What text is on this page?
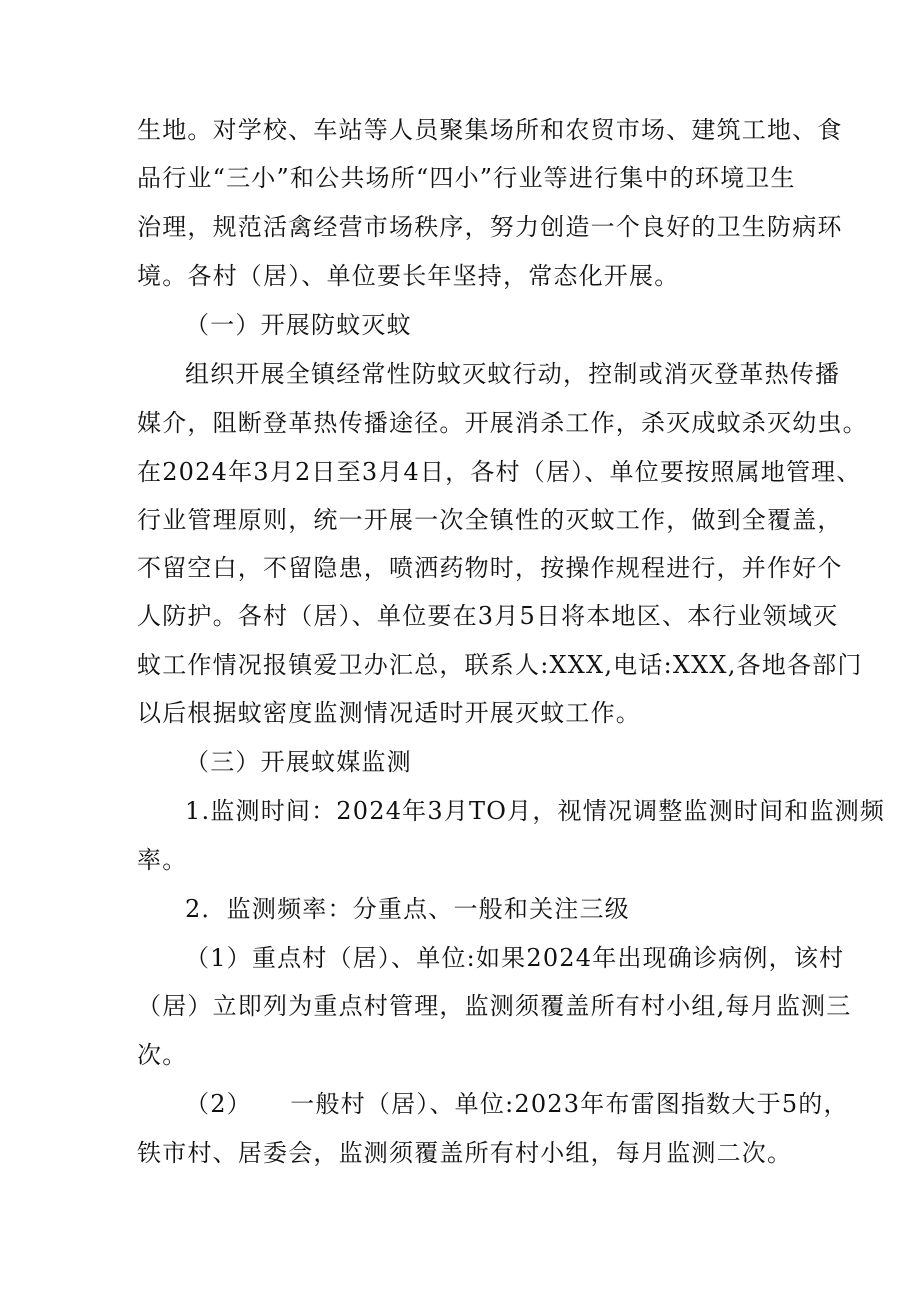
生地。对学校、车站等人员聚集场所和农贸市场、建筑工地、食
品行业“三小”和公共场所“四小”行业等进行集中的环境卫生
治理，规范活禽经营市场秩序，努力创造一个良好的卫生防病环
境。各村（居）、单位要长年坚持，常态化开展。
（一）开展防蚊灭蚊
组织开展全镇经常性防蚊灭蚊行动，控制或消灭登革热传播
媒介，阻断登革热传播途径。开展消杀工作，杀灭成蚊杀灭幼虫。
在2024年3月2日至3月4日，各村（居）、单位要按照属地管理、
行业管理原则，统一开展一次全镇性的灭蚊工作，做到全覆盖，
不留空白，不留隐患，喷洒药物时，按操作规程进行，并作好个
人防护。各村（居）、单位要在3月5日将本地区、本行业领域灭
蚊工作情况报镇爱卫办汇总，联系人:XXX,电话:XXX,各地各部门
以后根据蚊密度监测情况适时开展灭蚊工作。
（三）开展蚊媒监测
1.监测时间：2024年3月TO月，视情况调整监测时间和监测频
率。
2．监测频率：分重点、一般和关注三级
（1）重点村（居）、单位:如果2024年出现确诊病例，该村
（居）立即列为重点村管理，监测须覆盖所有村小组,每月监测三
次。
（2）　　一般村（居）、单位:2023年布雷图指数大于5的，
铁市村、居委会，监测须覆盖所有村小组，每月监测二次。
